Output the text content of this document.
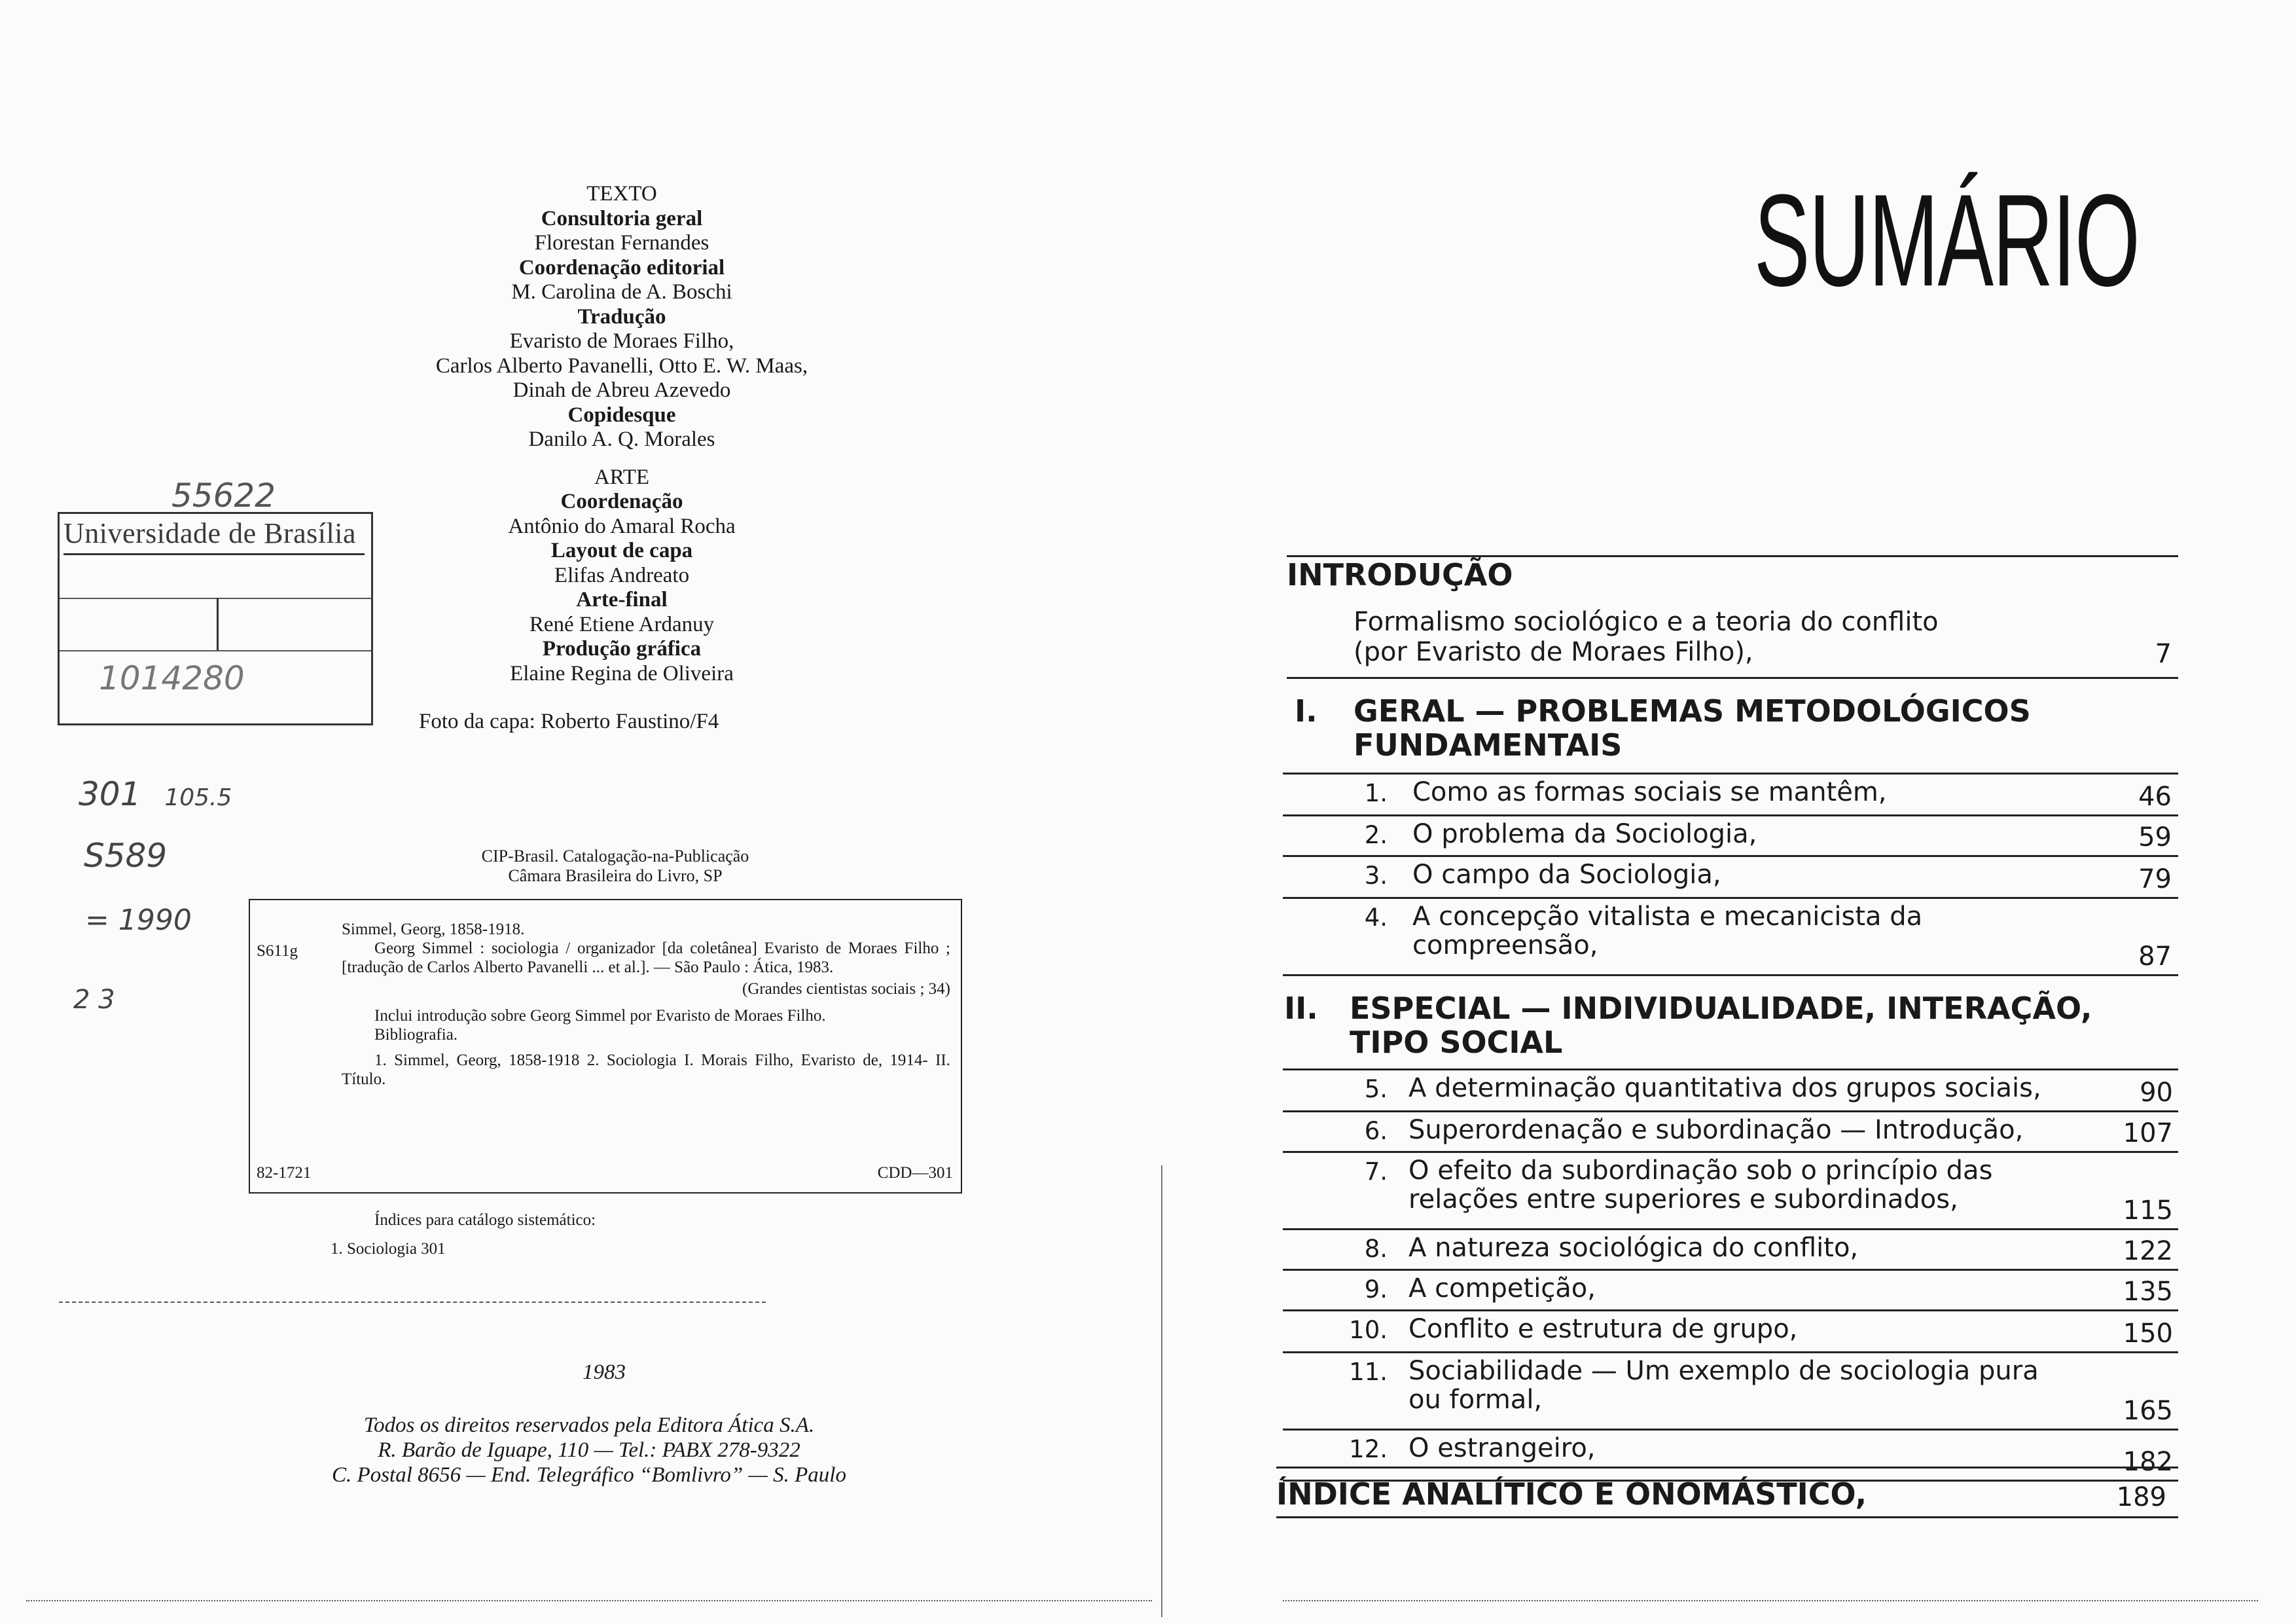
TEXTO
Consultoria geral
Florestan Fernandes
Coordenação editorial
M. Carolina de A. Boschi
Tradução
Evaristo de Moraes Filho,
Carlos Alberto Pavanelli, Otto E. W. Maas,
Dinah de Abreu Azevedo
Copidesque
Danilo A. Q. Morales
ARTE
Coordenação
Antônio do Amaral Rocha
Layout de capa
Elifas Andreato
Arte-final
René Etiene Ardanuy
Produção gráfica
Elaine Regina de Oliveira
Foto da capa: Roberto Faustino/F4
CIP-Brasil. Catalogação-na-Publicação
Câmara Brasileira do Livro, SP
S611g

Simmel, Georg, 1858-1918.

Georg Simmel : sociologia / organizador [da coletânea] Evaristo de Moraes Filho ; [tradução de Carlos Alberto Pavanelli ... et al.]. — São Paulo : Ática, 1983.

(Grandes cientistas sociais ; 34)

Inclui introdução sobre Georg Simmel por Evaristo de Moraes Filho.

Bibliografia.

1. Simmel, Georg, 1858-1918 2. Sociologia I. Morais Filho, Evaristo de, 1914- II. Título.

82-1721	CDD—301
Índices para catálogo sistemático:
1. Sociologia 301
1983
Todos os direitos reservados pela Editora Ática S.A.
R. Barão de Iguape, 110 — Tel.: PABX 278-9322
C. Postal 8656 — End. Telegráfico “Bomlivro” — S. Paulo
55622
Universidade de Brasília
1014280
301 105.5
S589
= 1990
2 3
SUMÁRIO
INTRODUÇÃO
Formalismo sociológico e a teoria do conflito
(por Evaristo de Moraes Filho),	7
I. GERAL — PROBLEMAS METODOLÓGICOS
FUNDAMENTAIS
1. Como as formas sociais se mantêm,	46
2. O problema da Sociologia,	59
3. O campo da Sociologia,	79
4. A concepção vitalista e mecanicista da
compreensão,	87
II. ESPECIAL — INDIVIDUALIDADE, INTERAÇÃO,
TIPO SOCIAL
5. A determinação quantitativa dos grupos sociais,	90
6. Superordenação e subordinação — Introdução,	107
7. O efeito da subordinação sob o princípio das
relações entre superiores e subordinados,	115
8. A natureza sociológica do conflito,	122
9. A competição,	135
10. Conflito e estrutura de grupo,	150
11. Sociabilidade — Um exemplo de sociologia pura
ou formal,	165
12. O estrangeiro,	182
ÍNDICE ANALÍTICO E ONOMÁSTICO,	189
